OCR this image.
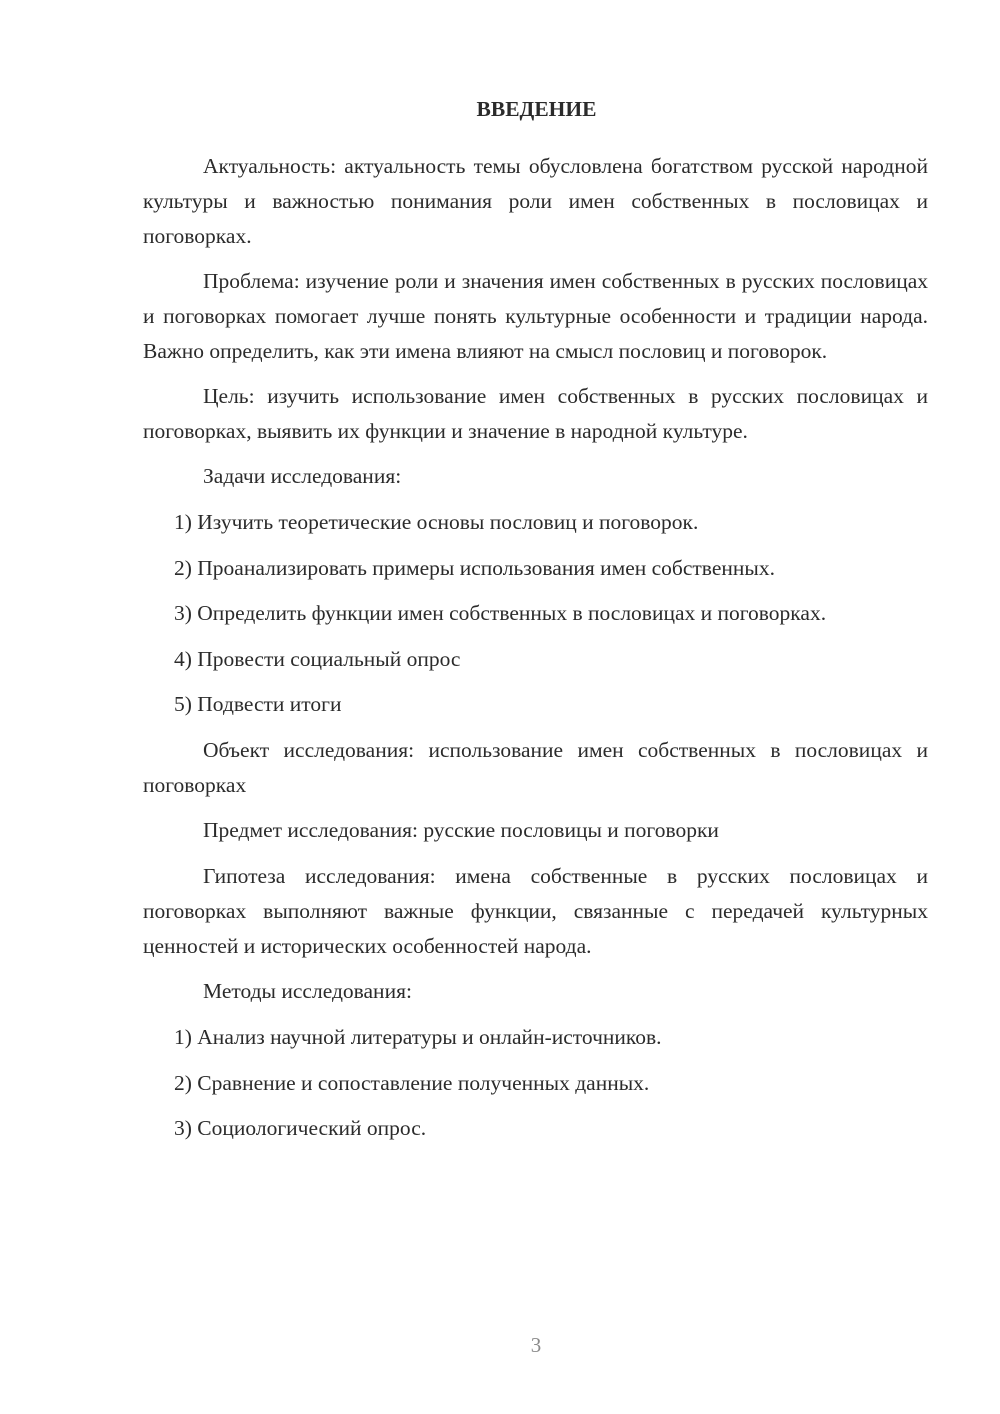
ВВЕДЕНИЕ

Актуальность: актуальность темы обусловлена богатством русской народной культуры и важностью понимания роли имен собственных в пословицах и поговорках.

Проблема: изучение роли и значения имен собственных в русских пословицах и поговорках помогает лучше понять культурные особенности и традиции народа. Важно определить, как эти имена влияют на смысл пословиц и поговорок.

Цель: изучить использование имен собственных в русских пословицах и поговорках, выявить их функции и значение в народной культуре.

Задачи исследования:

1) Изучить теоретические основы пословиц и поговорок.
2) Проанализировать примеры использования имен собственных.
3) Определить функции имен собственных в пословицах и поговорках.
4) Провести социальный опрос
5) Подвести итоги

Объект исследования: использование имен собственных в пословицах и поговорках

Предмет исследования: русские пословицы и поговорки

Гипотеза исследования: имена собственные в русских пословицах и поговорках выполняют важные функции, связанные с передачей культурных ценностей и исторических особенностей народа.

Методы исследования:

1) Анализ научной литературы и онлайн-источников.
2) Сравнение и сопоставление полученных данных.
3) Социологический опрос.
3
